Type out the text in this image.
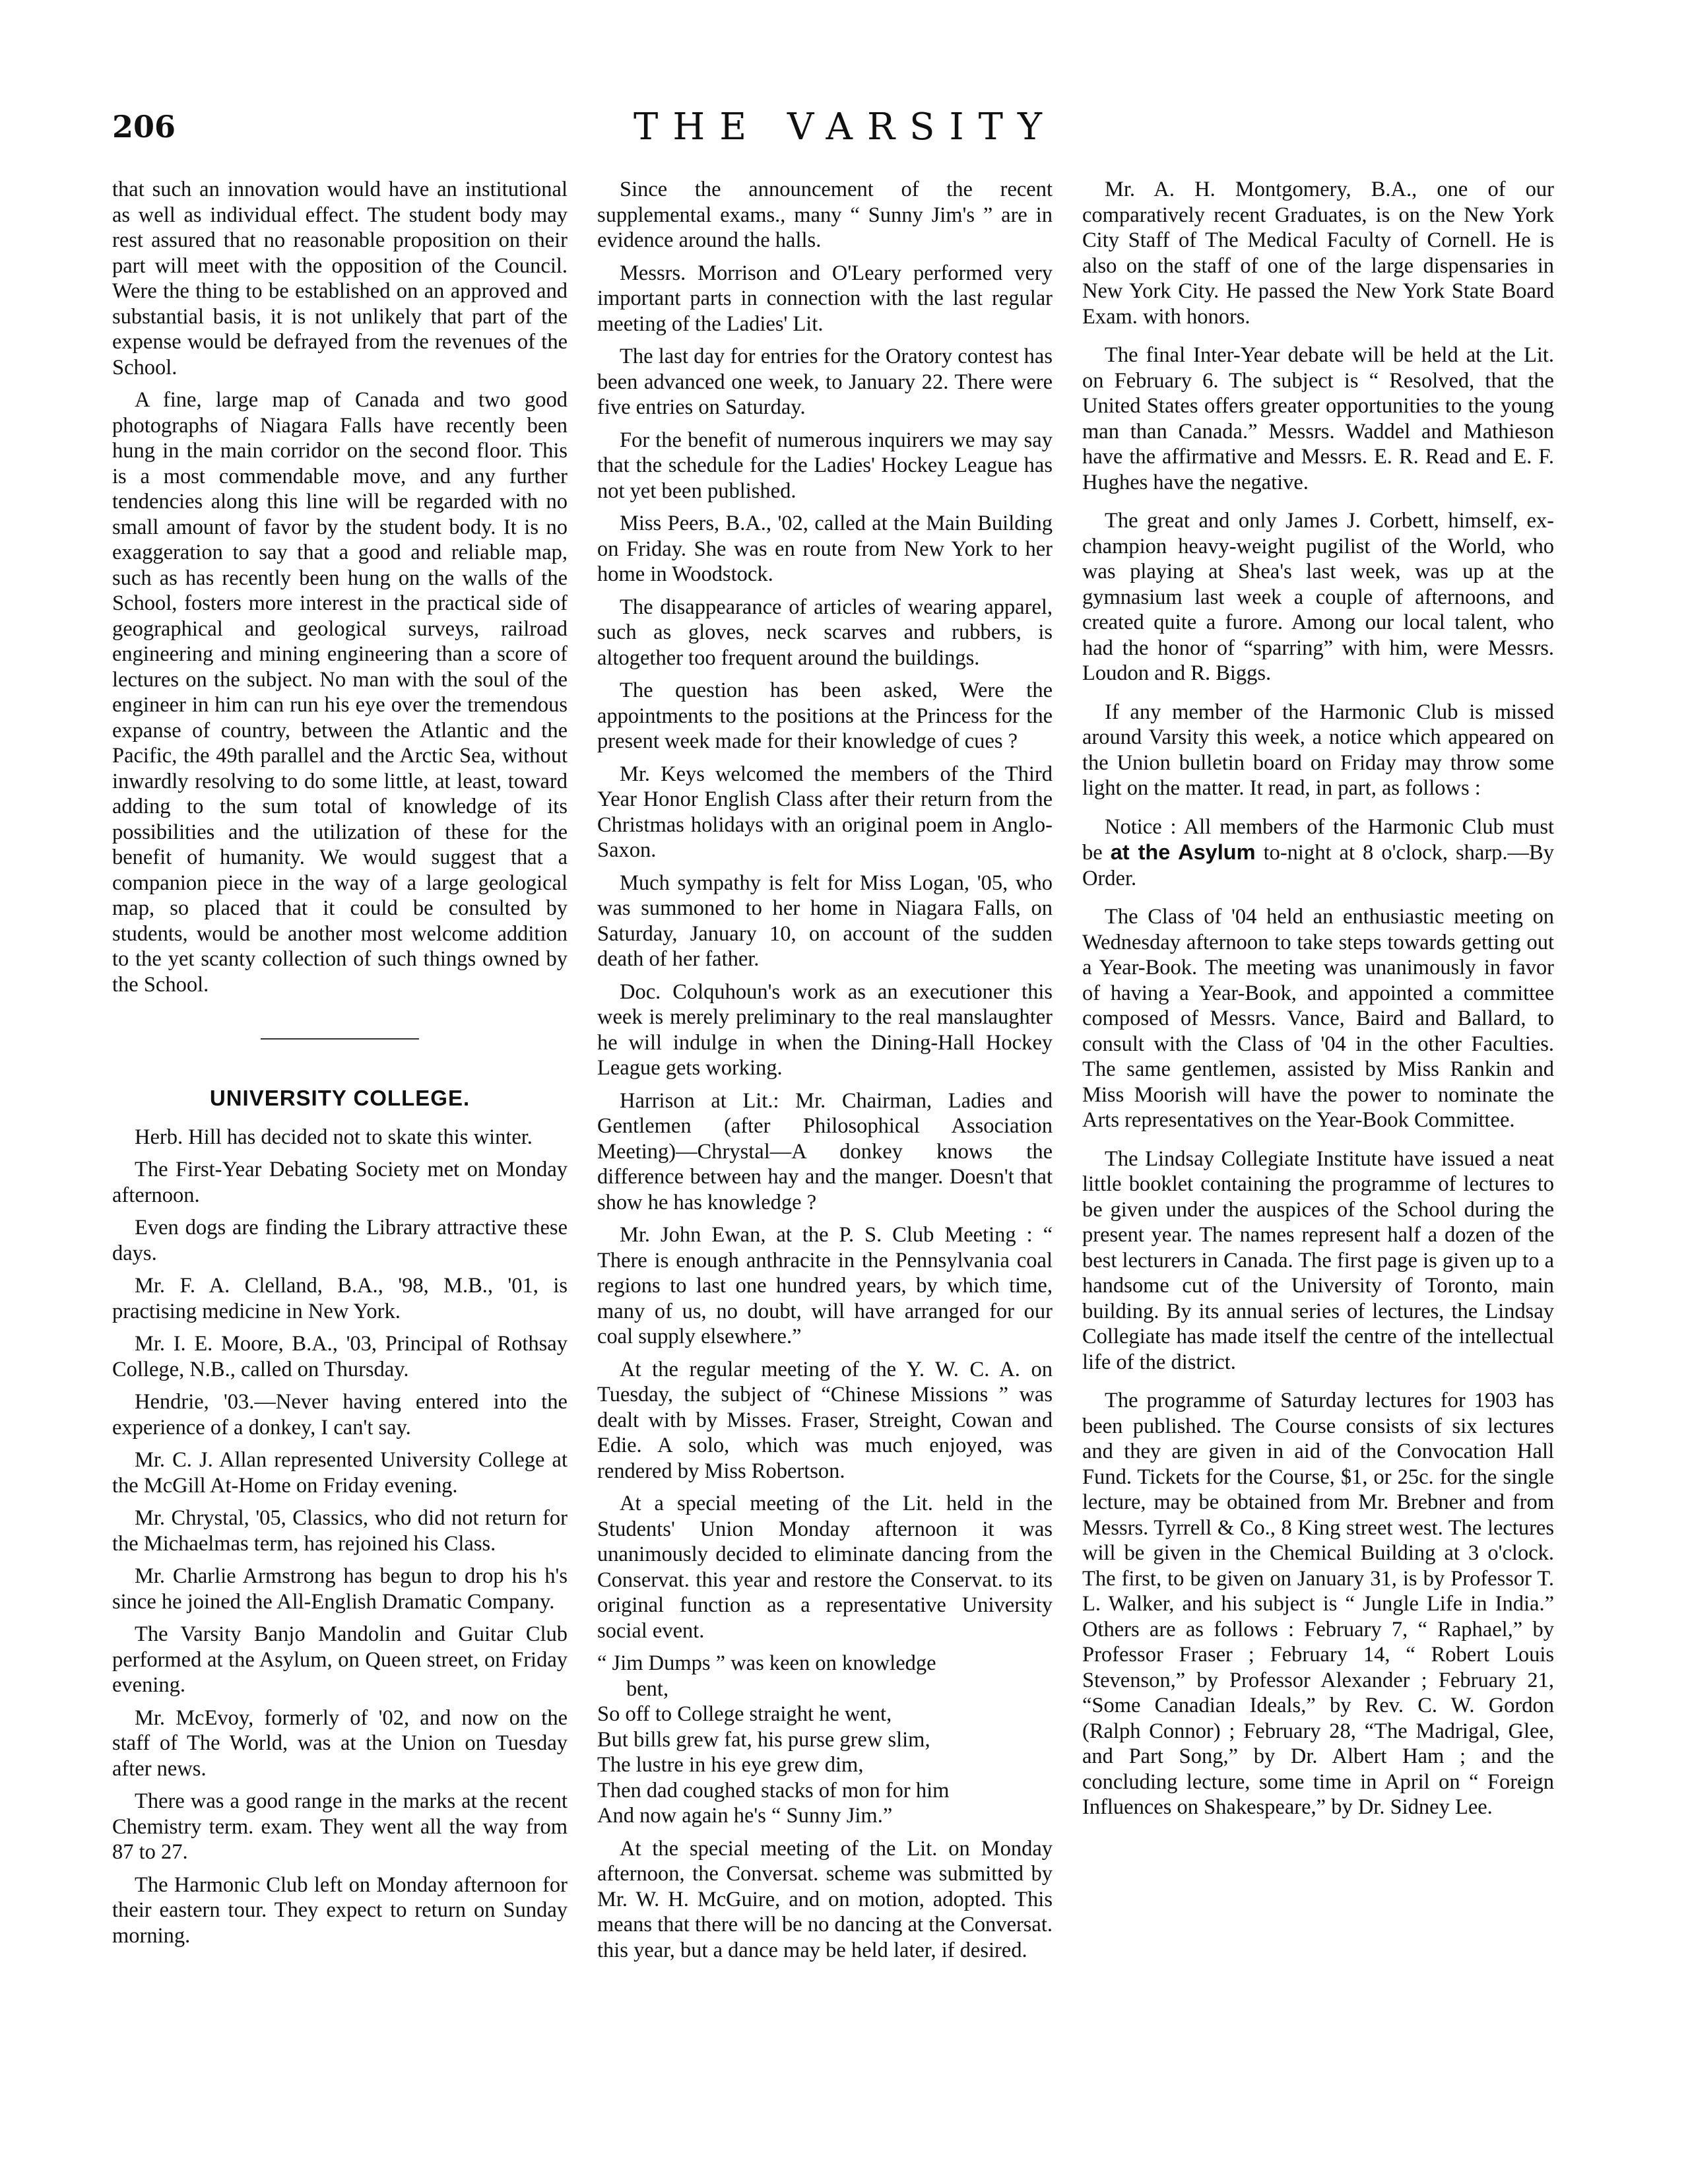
206	THE VARSITY

that such an innovation would have an institutional as well as individual effect. The student body may rest assured that no reasonable proposition on their part will meet with the opposition of the Council. Were the thing to be established on an approved and substantial basis, it is not unlikely that part of the expense would be defrayed from the revenues of the School.

A fine, large map of Canada and two good photographs of Niagara Falls have recently been hung in the main corridor on the second floor. This is a most commendable move, and any further tendencies along this line will be regarded with no small amount of favor by the student body. It is no exaggeration to say that a good and reliable map, such as has recently been hung on the walls of the School, fosters more interest in the practical side of geographical and geological surveys, railroad engineering and mining engineering than a score of lectures on the subject. No man with the soul of the engineer in him can run his eye over the tremendous expanse of country, between the Atlantic and the Pacific, the 49th parallel and the Arctic Sea, without inwardly resolving to do some little, at least, toward adding to the sum total of knowledge of its possibilities and the utilization of these for the benefit of humanity. We would suggest that a companion piece in the way of a large geological map, so placed that it could be consulted by students, would be another most welcome addition to the yet scanty collection of such things owned by the School.

UNIVERSITY COLLEGE.

Herb. Hill has decided not to skate this winter.

The First-Year Debating Society met on Monday afternoon.

Even dogs are finding the Library attractive these days.

Mr. F. A. Clelland, B.A., '98, M.B., '01, is practising medicine in New York.

Mr. I. E. Moore, B.A., '03, Principal of Rothsay College, N.B., called on Thursday.

Hendrie, '03.—Never having entered into the experience of a donkey, I can't say.

Mr. C. J. Allan represented University College at the McGill At-Home on Friday evening.

Mr. Chrystal, '05, Classics, who did not return for the Michaelmas term, has rejoined his Class.

Mr. Charlie Armstrong has begun to drop his h's since he joined the All-English Dramatic Company.

The Varsity Banjo Mandolin and Guitar Club performed at the Asylum, on Queen street, on Friday evening.

Mr. McEvoy, formerly of '02, and now on the staff of The World, was at the Union on Tuesday after news.

There was a good range in the marks at the recent Chemistry term. exam. They went all the way from 87 to 27.

The Harmonic Club left on Monday afternoon for their eastern tour. They expect to return on Sunday morning.

Since the announcement of the recent supplemental exams., many “ Sunny Jim's ” are in evidence around the halls.

Messrs. Morrison and O'Leary performed very important parts in connection with the last regular meeting of the Ladies' Lit.

The last day for entries for the Oratory contest has been advanced one week, to January 22. There were five entries on Saturday.

For the benefit of numerous inquirers we may say that the schedule for the Ladies' Hockey League has not yet been published.

Miss Peers, B.A., '02, called at the Main Building on Friday. She was en route from New York to her home in Woodstock.

The disappearance of articles of wearing apparel, such as gloves, neck scarves and rubbers, is altogether too frequent around the buildings.

The question has been asked, Were the appointments to the positions at the Princess for the present week made for their knowledge of cues ?

Mr. Keys welcomed the members of the Third Year Honor English Class after their return from the Christmas holidays with an original poem in Anglo-Saxon.

Much sympathy is felt for Miss Logan, '05, who was summoned to her home in Niagara Falls, on Saturday, January 10, on account of the sudden death of her father.

Doc. Colquhoun's work as an executioner this week is merely preliminary to the real manslaughter he will indulge in when the Dining-Hall Hockey League gets working.

Harrison at Lit.: Mr. Chairman, Ladies and Gentlemen (after Philosophical Association Meeting)—Chrystal—A donkey knows the difference between hay and the manger. Doesn't that show he has knowledge ?

Mr. John Ewan, at the P. S. Club Meeting : “ There is enough anthracite in the Pennsylvania coal regions to last one hundred years, by which time, many of us, no doubt, will have arranged for our coal supply elsewhere.”

At the regular meeting of the Y. W. C. A. on Tuesday, the subject of “Chinese Missions ” was dealt with by Misses. Fraser, Streight, Cowan and Edie. A solo, which was much enjoyed, was rendered by Miss Robertson.

At a special meeting of the Lit. held in the Students' Union Monday afternoon it was unanimously decided to eliminate dancing from the Conservat. this year and restore the Conservat. to its original function as a representative University social event.

“ Jim Dumps ” was keen on knowledge
bent,
So off to College straight he went,
But bills grew fat, his purse grew slim,
The lustre in his eye grew dim,
Then dad coughed stacks of mon for him
And now again he's “ Sunny Jim.”

At the special meeting of the Lit. on Monday afternoon, the Conversat. scheme was submitted by Mr. W. H. McGuire, and on motion, adopted. This means that there will be no dancing at the Conversat. this year, but a dance may be held later, if desired.

Mr. A. H. Montgomery, B.A., one of our comparatively recent Graduates, is on the New York City Staff of The Medical Faculty of Cornell. He is also on the staff of one of the large dispensaries in New York City. He passed the New York State Board Exam. with honors.

The final Inter-Year debate will be held at the Lit. on February 6. The subject is “ Resolved, that the United States offers greater opportunities to the young man than Canada.” Messrs. Waddel and Mathieson have the affirmative and Messrs. E. R. Read and E. F. Hughes have the negative.

The great and only James J. Corbett, himself, ex-champion heavy-weight pugilist of the World, who was playing at Shea's last week, was up at the gymnasium last week a couple of afternoons, and created quite a furore. Among our local talent, who had the honor of “sparring” with him, were Messrs. Loudon and R. Biggs.

If any member of the Harmonic Club is missed around Varsity this week, a notice which appeared on the Union bulletin board on Friday may throw some light on the matter. It read, in part, as follows :

Notice : All members of the Harmonic Club must be at the Asylum to-night at 8 o'clock, sharp.—By Order.

The Class of '04 held an enthusiastic meeting on Wednesday afternoon to take steps towards getting out a Year-Book. The meeting was unanimously in favor of having a Year-Book, and appointed a committee composed of Messrs. Vance, Baird and Ballard, to consult with the Class of '04 in the other Faculties. The same gentlemen, assisted by Miss Rankin and Miss Moorish will have the power to nominate the Arts representatives on the Year-Book Committee.

The Lindsay Collegiate Institute have issued a neat little booklet containing the programme of lectures to be given under the auspices of the School during the present year. The names represent half a dozen of the best lecturers in Canada. The first page is given up to a handsome cut of the University of Toronto, main building. By its annual series of lectures, the Lindsay Collegiate has made itself the centre of the intellectual life of the district.

The programme of Saturday lectures for 1903 has been published. The Course consists of six lectures and they are given in aid of the Convocation Hall Fund. Tickets for the Course, $1, or 25c. for the single lecture, may be obtained from Mr. Brebner and from Messrs. Tyrrell & Co., 8 King street west. The lectures will be given in the Chemical Building at 3 o'clock. The first, to be given on January 31, is by Professor T. L. Walker, and his subject is “ Jungle Life in India.” Others are as follows : February 7, “ Raphael,” by Professor Fraser ; February 14, “ Robert Louis Stevenson,” by Professor Alexander ; February 21, “Some Canadian Ideals,” by Rev. C. W. Gordon (Ralph Connor) ; February 28, “The Madrigal, Glee, and Part Song,” by Dr. Albert Ham ; and the concluding lecture, some time in April on “ Foreign Influences on Shakespeare,” by Dr. Sidney Lee.
